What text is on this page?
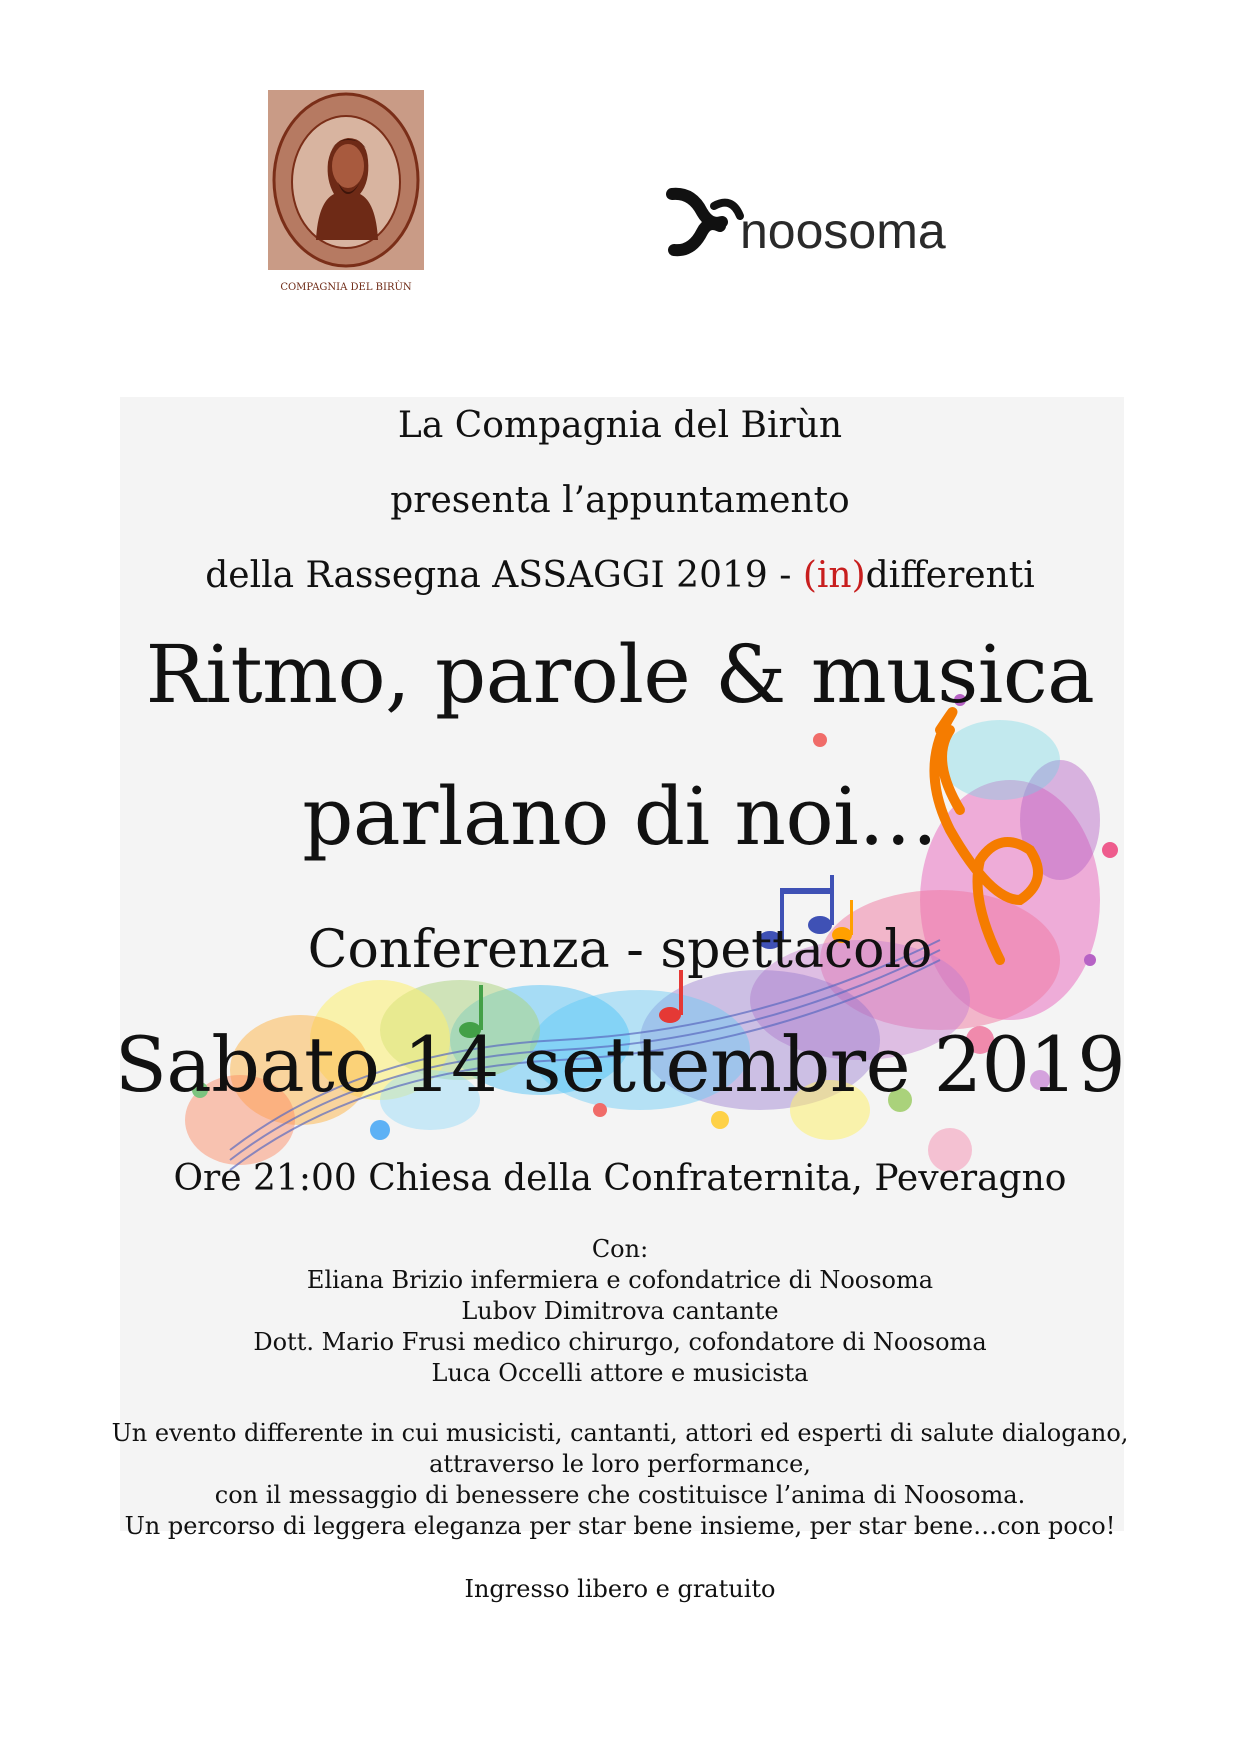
COMPAGNIA DEL BIRÙN
noosoma
La Compagnia del Birùn
presenta l’appuntamento
della Rassegna ASSAGGI 2019 - (in)differenti
Ritmo, parole & musica
parlano di noi…
Conferenza - spettacolo
Sabato 14 settembre 2019
Ore 21:00 Chiesa della Confraternita, Peveragno
Con:
Eliana Brizio infermiera e cofondatrice di Noosoma
Lubov Dimitrova cantante
Dott. Mario Frusi medico chirurgo, cofondatore di Noosoma
Luca Occelli attore e musicista
Un evento differente in cui musicisti, cantanti, attori ed esperti di salute dialogano,
attraverso le loro performance,
con il messaggio di benessere che costituisce l’anima di Noosoma.
Un percorso di leggera eleganza per star bene insieme, per star bene…con poco!
Ingresso libero e gratuito
